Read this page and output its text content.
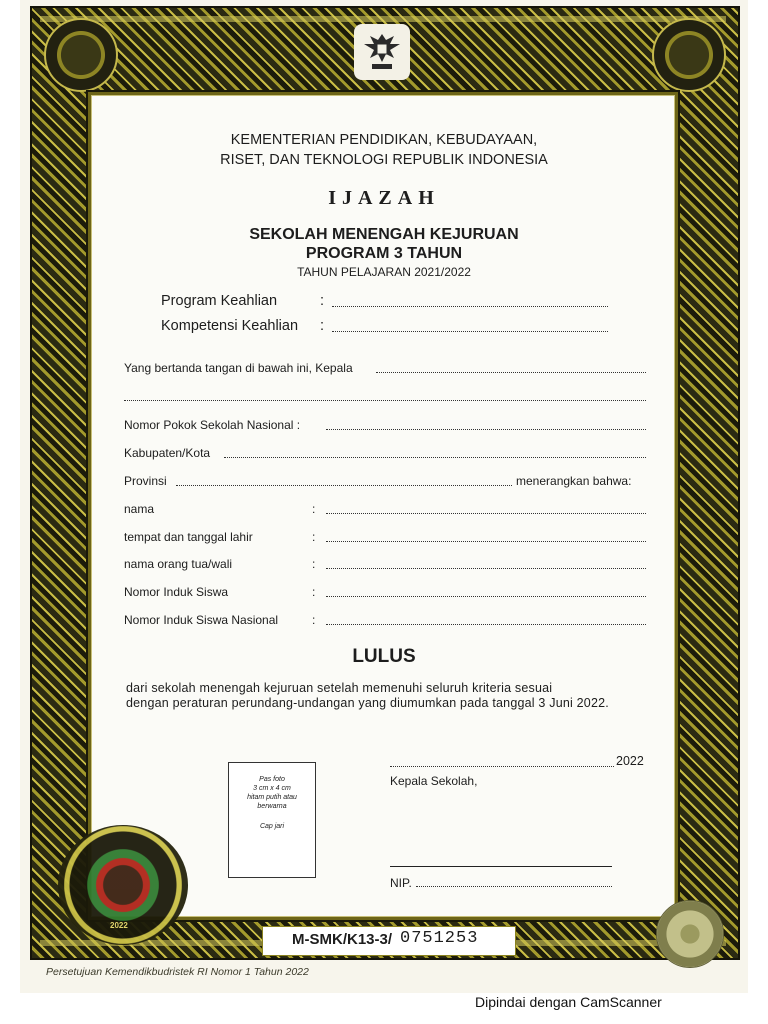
KEMENTERIAN PENDIDIKAN, KEBUDAYAAN,
RISET, DAN TEKNOLOGI REPUBLIK INDONESIA
IJAZAH
SEKOLAH MENENGAH KEJURUAN
PROGRAM 3 TAHUN
TAHUN PELAJARAN 2021/2022
Program Keahlian	:
Kompetensi Keahlian :
Yang bertanda tangan di bawah ini, Kepala
Nomor Pokok Sekolah Nasional :
Kabupaten/Kota
Provinsi	menerangkan bahwa:
nama	:
tempat dan tanggal lahir	:
nama orang tua/wali	:
Nomor Induk Siswa	:
Nomor Induk Siswa Nasional	:
LULUS
dari sekolah menengah kejuruan setelah memenuhi seluruh kriteria sesuai
dengan peraturan perundang-undangan yang diumumkan pada tanggal 3 Juni 2022.
2022
Kepala Sekolah,
NIP.
Pas foto
3 cm x 4 cm
hitam putih atau
berwarna
Cap jari
2022
M-SMK/K13-3/ 0751253
Persetujuan Kemendikbudristek RI Nomor 1 Tahun 2022
Dipindai dengan CamScanner
